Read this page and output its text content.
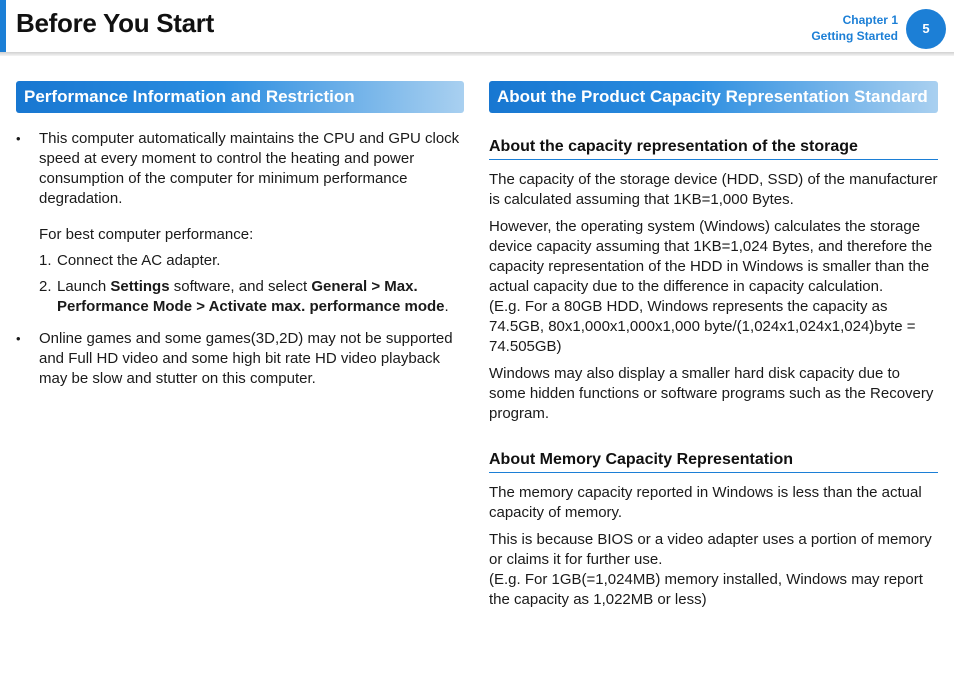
Before You Start	Chapter 1
Getting Started	5
Performance Information and Restriction
• This computer automatically maintains the CPU and GPU clock speed at every moment to control the heating and power consumption of the computer for minimum performance degradation.

For best computer performance:

1. Connect the AC adapter.
2. Launch Settings software, and select General > Max. Performance Mode > Activate max. performance mode.
• Online games and some games(3D,2D) may not be supported and Full HD video and some high bit rate HD video playback may be slow and stutter on this computer.
About the Product Capacity Representation Standard
About the capacity representation of the storage

The capacity of the storage device (HDD, SSD) of the manufacturer is calculated assuming that 1KB=1,000 Bytes.

However, the operating system (Windows) calculates the storage device capacity assuming that 1KB=1,024 Bytes, and therefore the capacity representation of the HDD in Windows is smaller than the actual capacity due to the difference in capacity calculation.
(E.g. For a 80GB HDD, Windows represents the capacity as 74.5GB, 80x1,000x1,000x1,000 byte/(1,024x1,024x1,024)byte = 74.505GB)

Windows may also display a smaller hard disk capacity due to some hidden functions or software programs such as the Recovery program.

About Memory Capacity Representation

The memory capacity reported in Windows is less than the actual capacity of memory.

This is because BIOS or a video adapter uses a portion of memory or claims it for further use.
(E.g. For 1GB(=1,024MB) memory installed, Windows may report the capacity as 1,022MB or less)
